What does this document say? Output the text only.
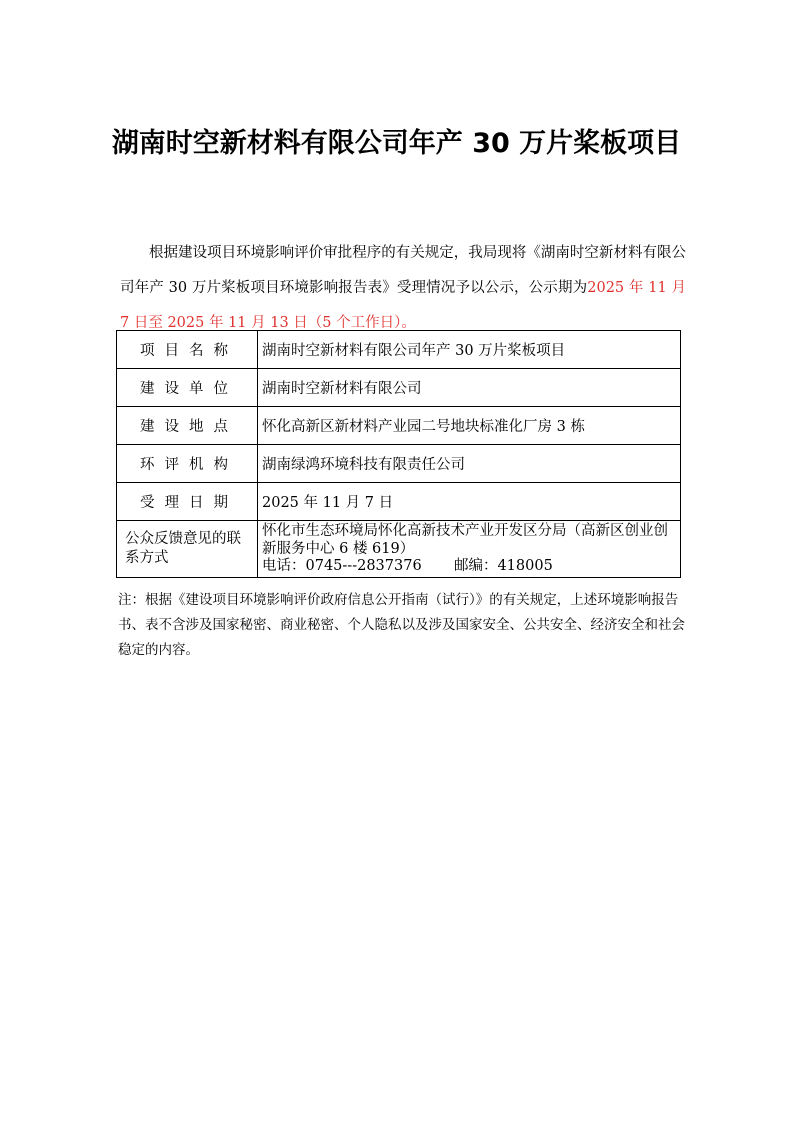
湖南时空新材料有限公司年产 30 万片桨板项目
根据建设项目环境影响评价审批程序的有关规定，我局现将《湖南时空新材料有限公司年产 30 万片桨板项目环境影响报告表》受理情况予以公示，公示期为2025 年 11 月 7 日至 2025 年 11 月 13 日（5 个工作日）。
项目名称	湖南时空新材料有限公司年产 30 万片桨板项目
建设单位	湖南时空新材料有限公司
建设地点	怀化高新区新材料产业园二号地块标准化厂房 3 栋
环评机构	湖南绿鸿环境科技有限责任公司
受理日期	2025 年 11 月 7 日
公众反馈意见的联系方式	怀化市生态环境局怀化高新技术产业开发区分局（高新区创业创新服务中心 6 楼 619）
电话：0745---2837376 邮编：418005
注：根据《建设项目环境影响评价政府信息公开指南（试行）》的有关规定，上述环境影响报告书、表不含涉及国家秘密、商业秘密、个人隐私以及涉及国家安全、公共安全、经济安全和社会稳定的内容。
